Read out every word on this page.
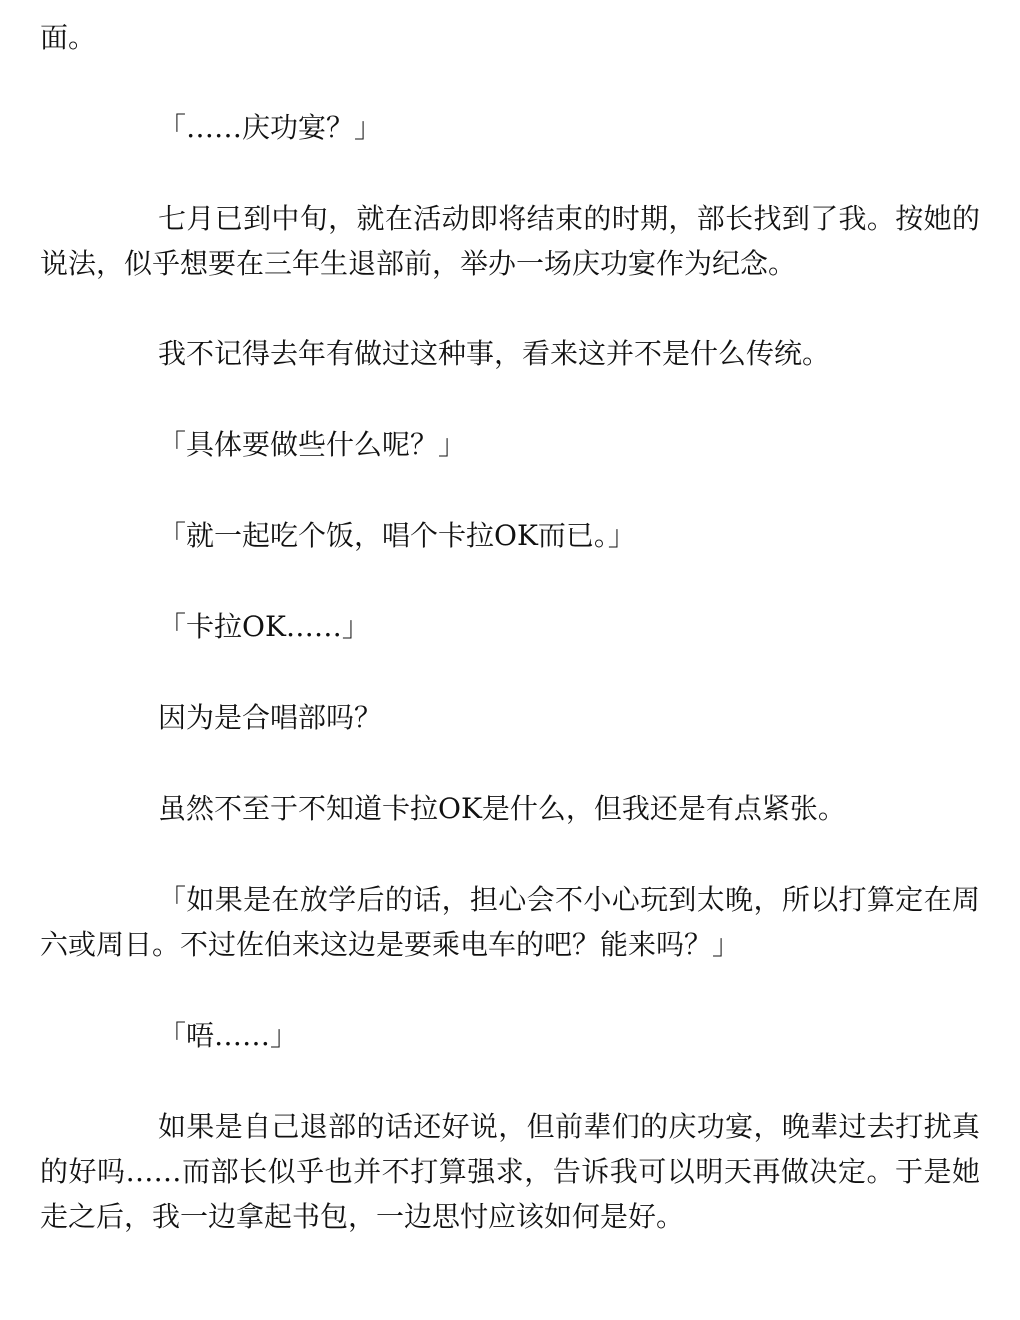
面。

「……庆功宴？」

七月已到中旬，就在活动即将结束的时期，部长找到了我。按她的说法，似乎想要在三年生退部前，举办一场庆功宴作为纪念。

我不记得去年有做过这种事，看来这并不是什么传统。

「具体要做些什么呢？」

「就一起吃个饭，唱个卡拉OK而已。」

「卡拉OK……」

因为是合唱部吗？

虽然不至于不知道卡拉OK是什么，但我还是有点紧张。

「如果是在放学后的话，担心会不小心玩到太晚，所以打算定在周六或周日。不过佐伯来这边是要乘电车的吧？能来吗？」

「唔……」

如果是自己退部的话还好说，但前辈们的庆功宴，晚辈过去打扰真的好吗……而部长似乎也并不打算强求，告诉我可以明天再做决定。于是她走之后，我一边拿起书包，一边思忖应该如何是好。
